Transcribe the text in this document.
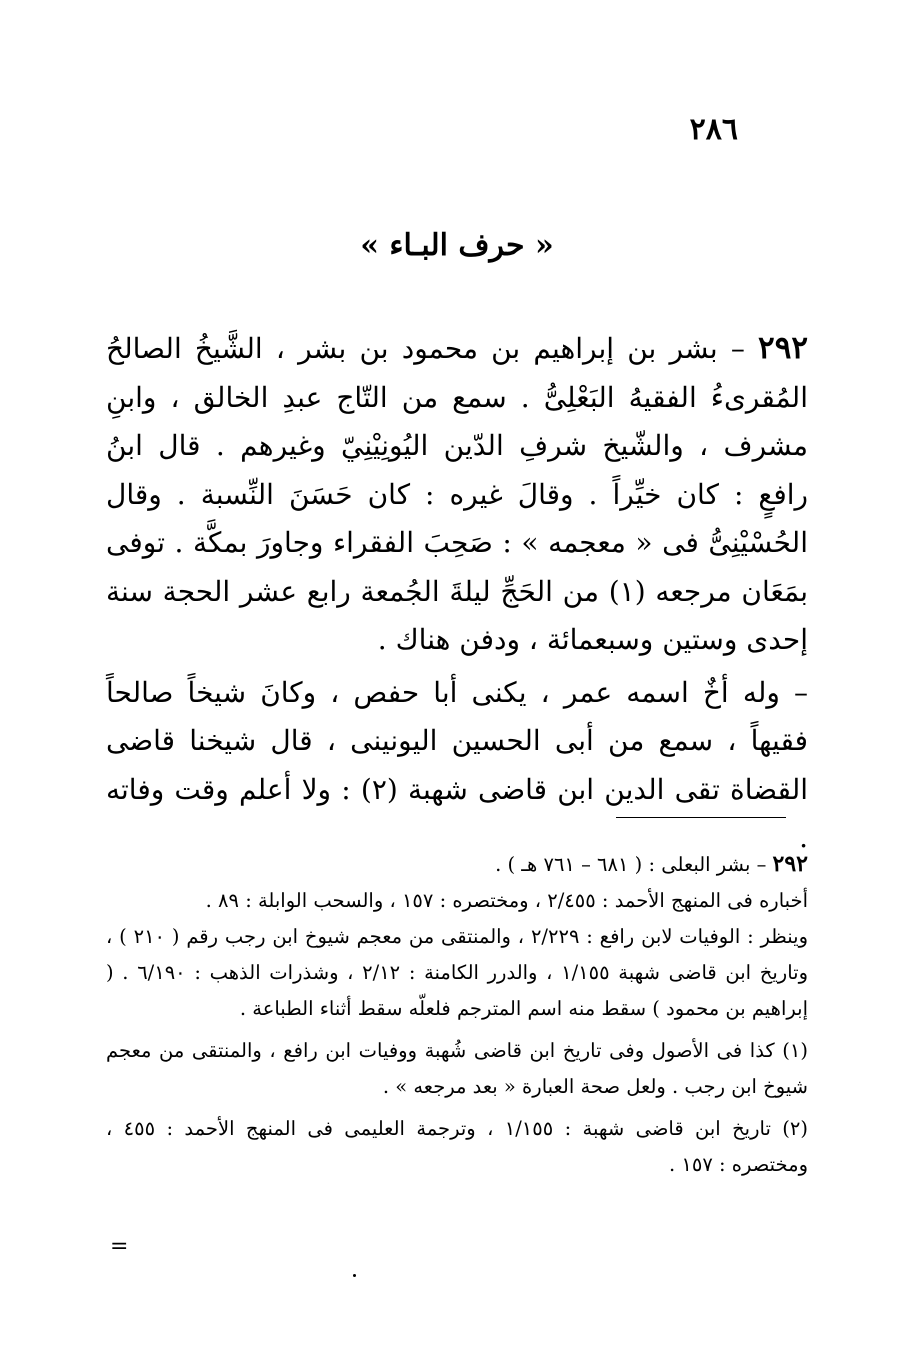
٢٨٦
« حرف البـاء »

٢٩٢ – بشر بن إبراهيم بن محمود بن بشر ، الشَّيخُ الصالحُ المُقرىءُ الفقيهُ البَعْلِىُّ . سمع من التّاج عبدِ الخالق ، وابنِ مشرف ، والشّيخ شرفِ الدّين اليُونِيْنِيّ وغيرهم . قال ابنُ رافعٍ : كان خيِّراً . وقالَ غيره : كان حَسَنَ النِّسبة . وقال الحُسْيْنِىُّ فى « معجمه » : صَحِبَ الفقراء وجاورَ بمكَّة . توفى بمَعَان مرجعه (١) من الحَجِّ ليلةَ الجُمعة رابع عشر الحجة سنة إحدى وستين وسبعمائة ، ودفن هناك .

– وله أخٌ اسمه عمر ، يكنى أبا حفص ، وكانَ شيخاً صالحاً فقيهاً ، سمع من أبى الحسين اليونينى ، قال شيخنا قاضى القضاة تقى الدين ابن قاضى شهبة (٢) : ولا أعلم وقت وفاته .

٢٩٢ – بشر البعلى : ( ٦٨١ – ٧٦١ هـ ) .
أخباره فى المنهج الأحمد : ٢/٤٥٥ ، ومختصره : ١٥٧ ، والسحب الوابلة : ٨٩ .
وينظر : الوفيات لابن رافع : ٢/٢٢٩ ، والمنتقى من معجم شيوخ ابن رجب رقم ( ٢١٠ ) ، وتاريخ ابن قاضى شهبة ١/١٥٥ ، والدرر الكامنة : ٢/١٢ ، وشذرات الذهب : ٦/١٩٠ . ( إبراهيم بن محمود ) سقط منه اسم المترجم فلعلّه سقط أثناء الطباعة .

(١) كذا فى الأصول وفى تاريخ ابن قاضى شُهبة ووفيات ابن رافع ، والمنتقى من معجم شيوخ ابن رجب . ولعل صحة العبارة « بعد مرجعه » .

(٢) تاريخ ابن قاضى شهبة : ١/١٥٥ ، وترجمة العليمى فى المنهج الأحمد : ٤٥٥ ، ومختصره : ١٥٧ .

=
